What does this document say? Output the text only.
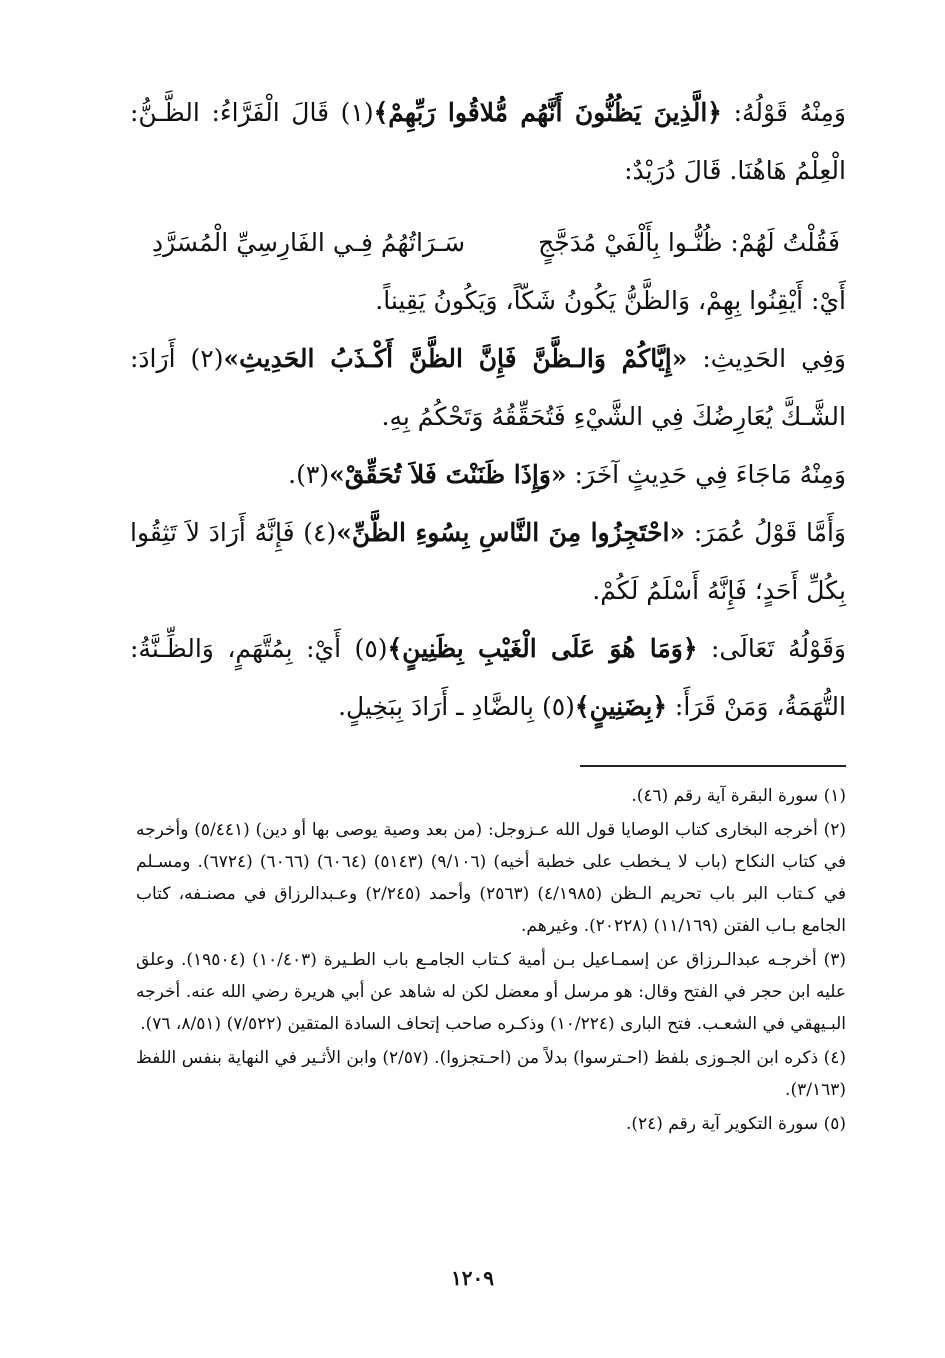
وَمِنْهُ قَوْلُهُ: ﴿الَّذِينَ يَظُنُّونَ أَنَّهُم مُّلاقُوا رَبِّهِمْ﴾(١) قَالَ الْفَرَّاءُ: الظَّـنُّ: الْعِلْمُ هَاهُنَا. قَالَ دُرَيْدٌ:

فَقُلْتُ لَهُمْ: ظُنُّـوا بِأَلْفَيْ مُدَجَّجٍ
سَـرَاتُهُمُ فِـي الفَارِسِيِّ الْمُسَرَّدِ

أَيْ: أَيْقِنُوا بِهِمْ، وَالظَّنُّ يَكُونُ شَكّاً، وَيَكُونُ يَقِيناً.

وَفِي الحَدِيثِ: «إِيَّاكُمْ وَالـظَّنَّ فَإِنَّ الظَّنَّ أَكْـذَبُ الحَدِيثِ»(٢) أَرَادَ: الشَّـكَّ يُعَارِضُكَ فِي الشَّيْءِ فَتُحَقِّقُهُ وَتَحْكُمُ بِهِ.

وَمِنْهُ مَاجَاءَ فِي حَدِيثٍ آخَرَ: «وَإِذَا ظَنَنْتَ فَلاَ تُحَقِّقْ»(٣).

وَأَمَّا قَوْلُ عُمَرَ: «احْتَجِزُوا مِنَ النَّاسِ بِسُوءِ الظَّنِّ»(٤) فَإِنَّهُ أَرَادَ لاَ تَثِقُوا بِكُلِّ أَحَدٍ؛ فَإِنَّهُ أَسْلَمُ لَكُمْ.

وَقَوْلُهُ تَعَالَى: ﴿وَمَا هُوَ عَلَى الْغَيْبِ بِظَنِينٍ﴾(٥) أَيْ: بِمُتَّهَمٍ، وَالظِّـنَّةُ: التُّهَمَةُ، وَمَنْ قَرَأَ: ﴿بِضَنِينٍ﴾(٥) بِالضَّادِ ـ أَرَادَ بِبَخِيلٍ.

(١) سورة البقرة آية رقم (٤٦).

(٢) أخرجه البخارى كتاب الوصايا قول الله عـزوجل: (من بعد وصية يوصى بها أو دين) (٥/٤٤١) وأخرجه في كتاب النكاح (باب لا يـخطب على خطبة أخيه) (٩/١٠٦) (٥١٤٣) (٦٠٦٤) (٦٠٦٦) (٦٧٢٤). ومسـلم في كـتاب البر باب تحريم الـظن (٤/١٩٨٥) (٢٥٦٣) وأحمد (٢/٢٤٥) وعـبدالرزاق في مصنـفه، كتاب الجامع بـاب الفتن (١١/١٦٩) (٢٠٢٢٨). وغيرهم.

(٣) أخرجـه عبدالـرزاق عن إسمـاعيل بـن أمية كـتاب الجامـع باب الطـيرة (١٠/٤٠٣) (١٩٥٠٤). وعلق عليه ابن حجر في الفتح وقال: هو مرسل أو معضل لكن له شاهد عن أبي هريرة رضي الله عنه. أخرجه البـيهقي في الشعـب. فتح البارى (١٠/٢٢٤) وذكـره صاحب إتحاف السادة المتقين (٧/٥٢٢) (٨/٥١، ٧٦).

(٤) ذكره ابن الجـوزى بلفظ (احـترسوا) بدلاً من (احـتجزوا). (٢/٥٧) وابن الأثـير في النهاية بنفس اللفظ (٣/١٦٣).

(٥) سورة التكوير آية رقم (٢٤).

١٢٠٩
